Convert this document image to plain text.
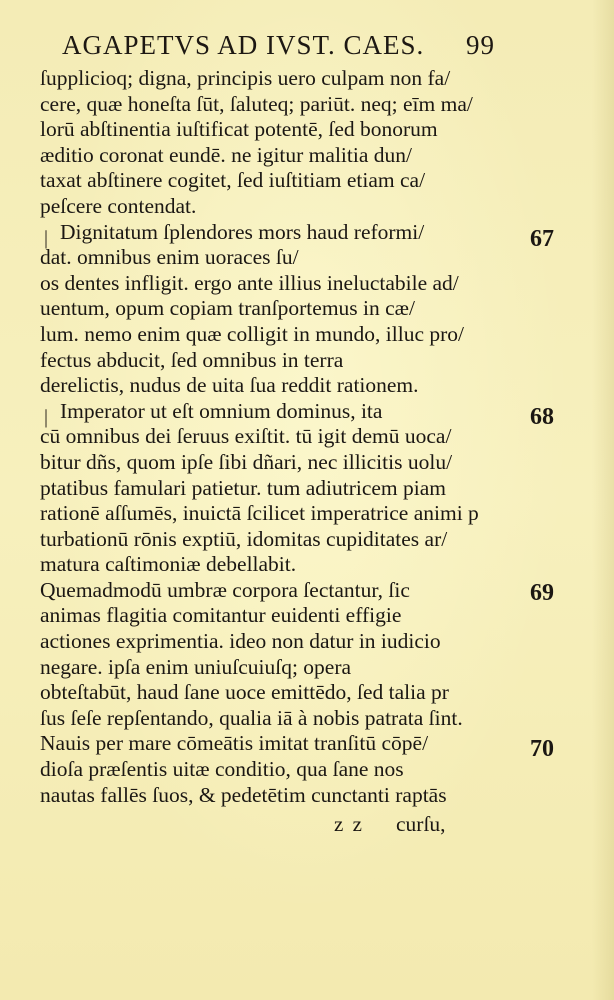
AGAPETVS AD IVST. CAES. 99
ſupplicioq; digna, principis uero culpam non fa/
cere, quæ honeſta ſūt, ſaluteq; pariūt. neq; eīm ma/
lorū abſtinentia iuſtificat potentē, ſed bonorum
æditio coronat eundē. ne igitur malitia dun/
taxat abſtinere cogitet, ſed iuſtitiam etiam ca/
peſcere contendat.
Dignitatum ſplendores mors haud reformi/
dat. omnibus enim uoraces ſu/
os dentes infligit. ergo ante illius ineluctabile ad/
uentum, opum copiam tranſportemus in cæ/
lum. nemo enim quæ colligit in mundo, illuc pro/
fectus abducit, ſed omnibus in terra
derelictis, nudus de uita ſua reddit rationem.
Imperator ut eſt omnium dominus, ita
cū omnibus dei ſeruus exiſtit. tū igit demū uoca/
bitur dñs, quom ipſe ſibi dñari, nec illicitis uolu/
ptatibus famulari patietur. tum adiutricem piam
rationē aſſumēs, inuictā ſcilicet imperatrice animi p
turbationū rōnis exptiū, idomitas cupiditates ar/
matura caſtimoniæ debellabit.
Quemadmodū umbræ corpora ſectantur, ſic
animas flagitia comitantur euidenti effigie
actiones exprimentia. ideo non datur in iudicio
negare. ipſa enim uniuſcuiuſq; opera
obteſtabūt, haud ſane uoce emittēdo, ſed talia pr
ſus ſeſe repſentando, qualia iā à nobis patrata ſint.
Nauis per mare cōmeātis imitat tranſitū cōpē/
dioſa præſentis uitæ conditio, qua ſane nos
nautas fallēs ſuos, & pedetētim cunctanti raptās
|
|
67
68
69
70
z z curſu,
